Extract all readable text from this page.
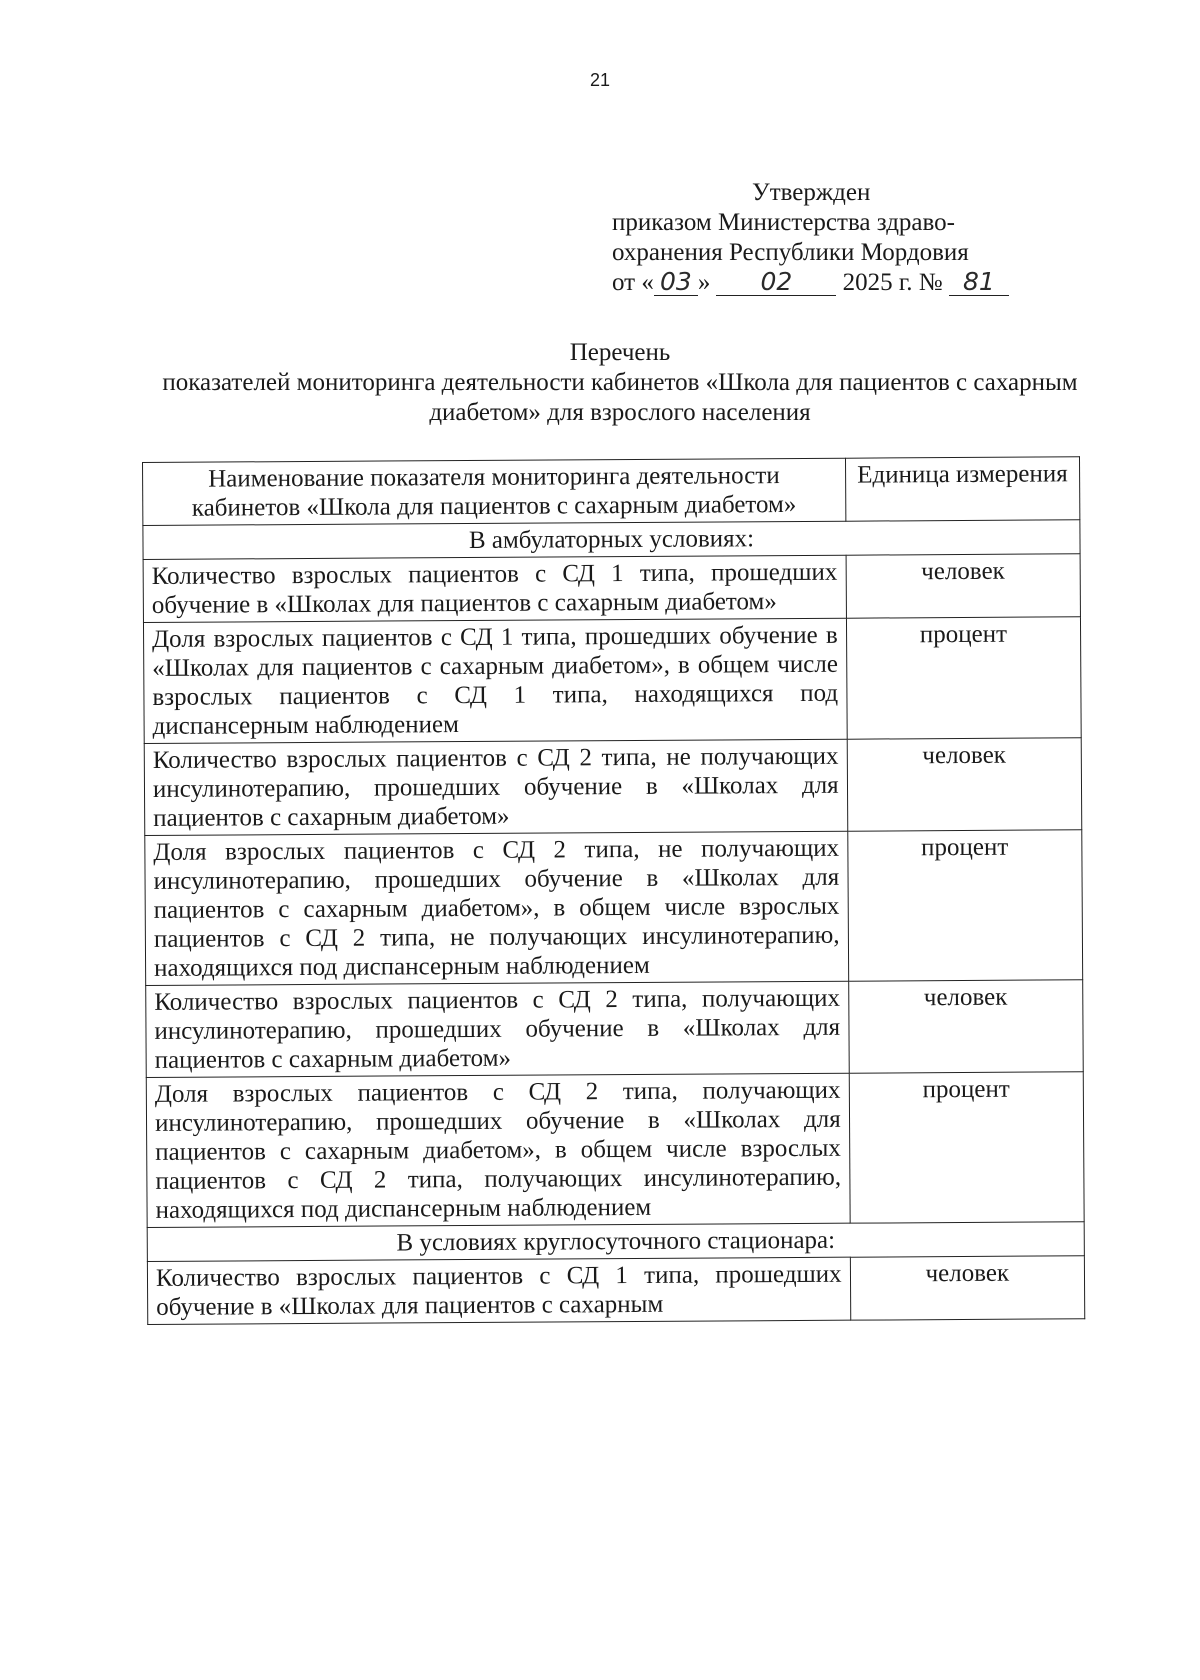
21
Утвержден
приказом Министерства здраво-
охранения Республики Мордовия
от « 03 » 02 2025 г. № 81
Перечень
показателей мониторинга деятельности кабинетов «Школа для пациентов с сахарным диабетом» для взрослого населения
Наименование показателя мониторинга деятельности кабинетов «Школа для пациентов с сахарным диабетом»	Единица измерения
В амбулаторных условиях:	
Количество взрослых пациентов с СД 1 типа, прошедших обучение в «Школах для пациентов с сахарным диабетом»	человек
Доля взрослых пациентов с СД 1 типа, прошедших обучение в «Школах для пациентов с сахарным диабетом», в общем числе взрослых пациентов с СД 1 типа, находящихся под диспансерным наблюдением	процент
Количество взрослых пациентов с СД 2 типа, не получающих инсулинотерапию, прошедших обучение в «Школах для пациентов с сахарным диабетом»	человек
Доля взрослых пациентов с СД 2 типа, не получающих инсулинотерапию, прошедших обучение в «Школах для пациентов с сахарным диабетом», в общем числе взрослых пациентов с СД 2 типа, не получающих инсулинотерапию, находящихся под диспансерным наблюдением	процент
Количество взрослых пациентов с СД 2 типа, получающих инсулинотерапию, прошедших обучение в «Школах для пациентов с сахарным диабетом»	человек
Доля взрослых пациентов с СД 2 типа, получающих инсулинотерапию, прошедших обучение в «Школах для пациентов с сахарным диабетом», в общем числе взрослых пациентов с СД 2 типа, получающих инсулинотерапию, находящихся под диспансерным наблюдением	процент
В условиях круглосуточного стационара:	
Количество взрослых пациентов с СД 1 типа, прошедших обучение в «Школах для пациентов с сахарным	человек
